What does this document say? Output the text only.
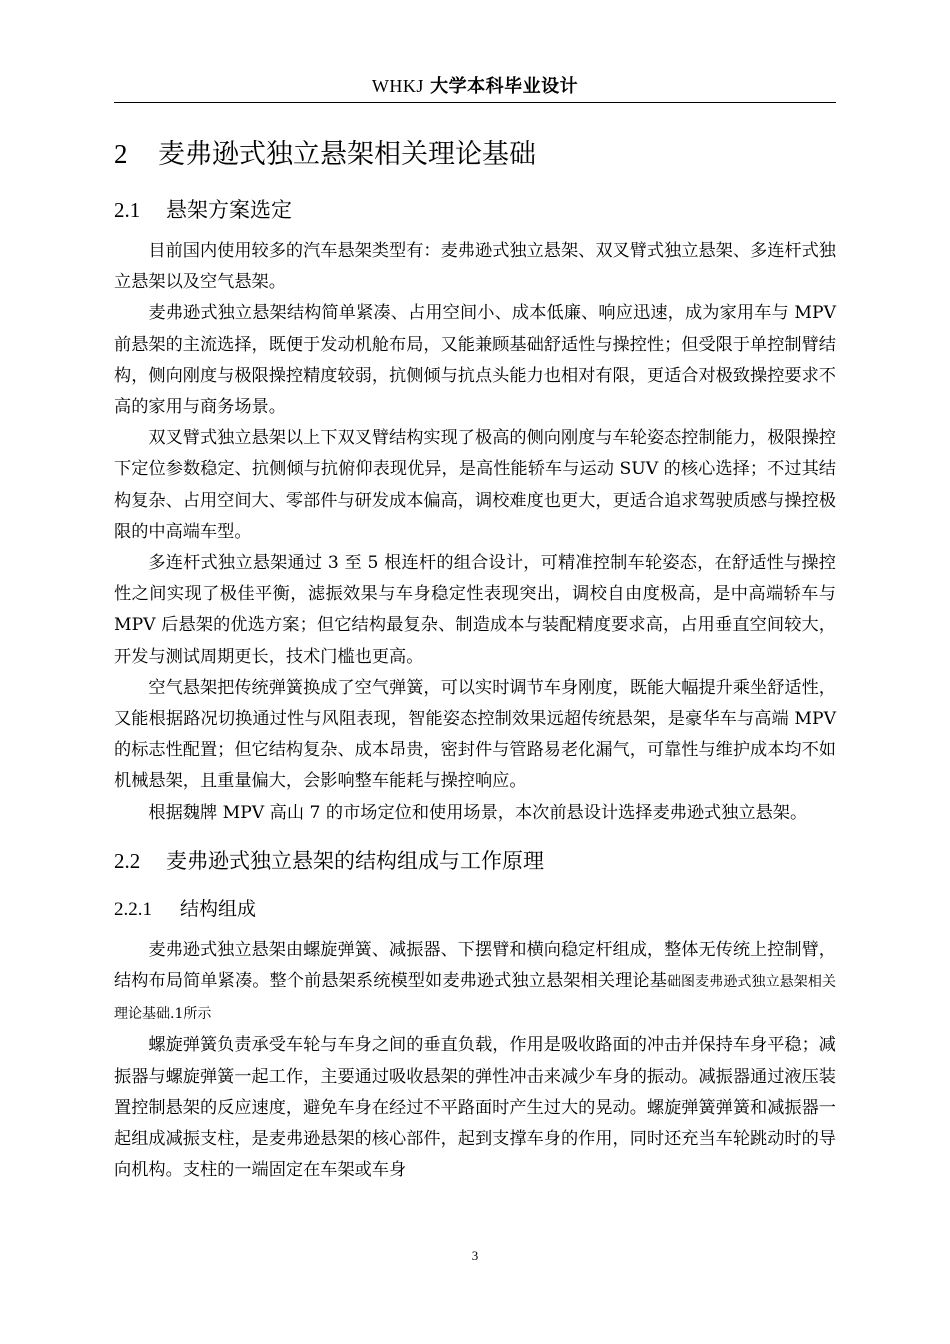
WHKJ 大学本科毕业设计
2 麦弗逊式独立悬架相关理论基础
2.1 悬架方案选定

目前国内使用较多的汽车悬架类型有：麦弗逊式独立悬架、双叉臂式独立悬架、多连杆式独立悬架以及空气悬架。

麦弗逊式独立悬架结构简单紧凑、占用空间小、成本低廉、响应迅速，成为家用车与 MPV 前悬架的主流选择，既便于发动机舱布局，又能兼顾基础舒适性与操控性；但受限于单控制臂结构，侧向刚度与极限操控精度较弱，抗侧倾与抗点头能力也相对有限，更适合对极致操控要求不高的家用与商务场景。

双叉臂式独立悬架以上下双叉臂结构实现了极高的侧向刚度与车轮姿态控制能力，极限操控下定位参数稳定、抗侧倾与抗俯仰表现优异，是高性能轿车与运动 SUV 的核心选择；不过其结构复杂、占用空间大、零部件与研发成本偏高，调校难度也更大，更适合追求驾驶质感与操控极限的中高端车型。

多连杆式独立悬架通过 3 至 5 根连杆的组合设计，可精准控制车轮姿态，在舒适性与操控性之间实现了极佳平衡，滤振效果与车身稳定性表现突出，调校自由度极高，是中高端轿车与 MPV 后悬架的优选方案；但它结构最复杂、制造成本与装配精度要求高，占用垂直空间较大，开发与测试周期更长，技术门槛也更高。

空气悬架把传统弹簧换成了空气弹簧，可以实时调节车身刚度，既能大幅提升乘坐舒适性，又能根据路况切换通过性与风阻表现，智能姿态控制效果远超传统悬架，是豪华车与高端 MPV 的标志性配置；但它结构复杂、成本昂贵，密封件与管路易老化漏气，可靠性与维护成本均不如机械悬架，且重量偏大，会影响整车能耗与操控响应。

根据魏牌 MPV 高山 7 的市场定位和使用场景，本次前悬设计选择麦弗逊式独立悬架。

2.2 麦弗逊式独立悬架的结构组成与工作原理
2.2.1 结构组成

麦弗逊式独立悬架由螺旋弹簧、减振器、下摆臂和横向稳定杆组成，整体无传统上控制臂，结构布局简单紧凑。整个前悬架系统模型如麦弗逊式独立悬架相关理论基础图麦弗逊式独立悬架相关理论基础.1所示

螺旋弹簧负责承受车轮与车身之间的垂直负载，作用是吸收路面的冲击并保持车身平稳；减振器与螺旋弹簧一起工作，主要通过吸收悬架的弹性冲击来减少车身的振动。减振器通过液压装置控制悬架的反应速度，避免车身在经过不平路面时产生过大的晃动。螺旋弹簧弹簧和减振器一起组成减振支柱，是麦弗逊悬架的核心部件，起到支撑车身的作用，同时还充当车轮跳动时的导向机构。支柱的一端固定在车架或车身

3
